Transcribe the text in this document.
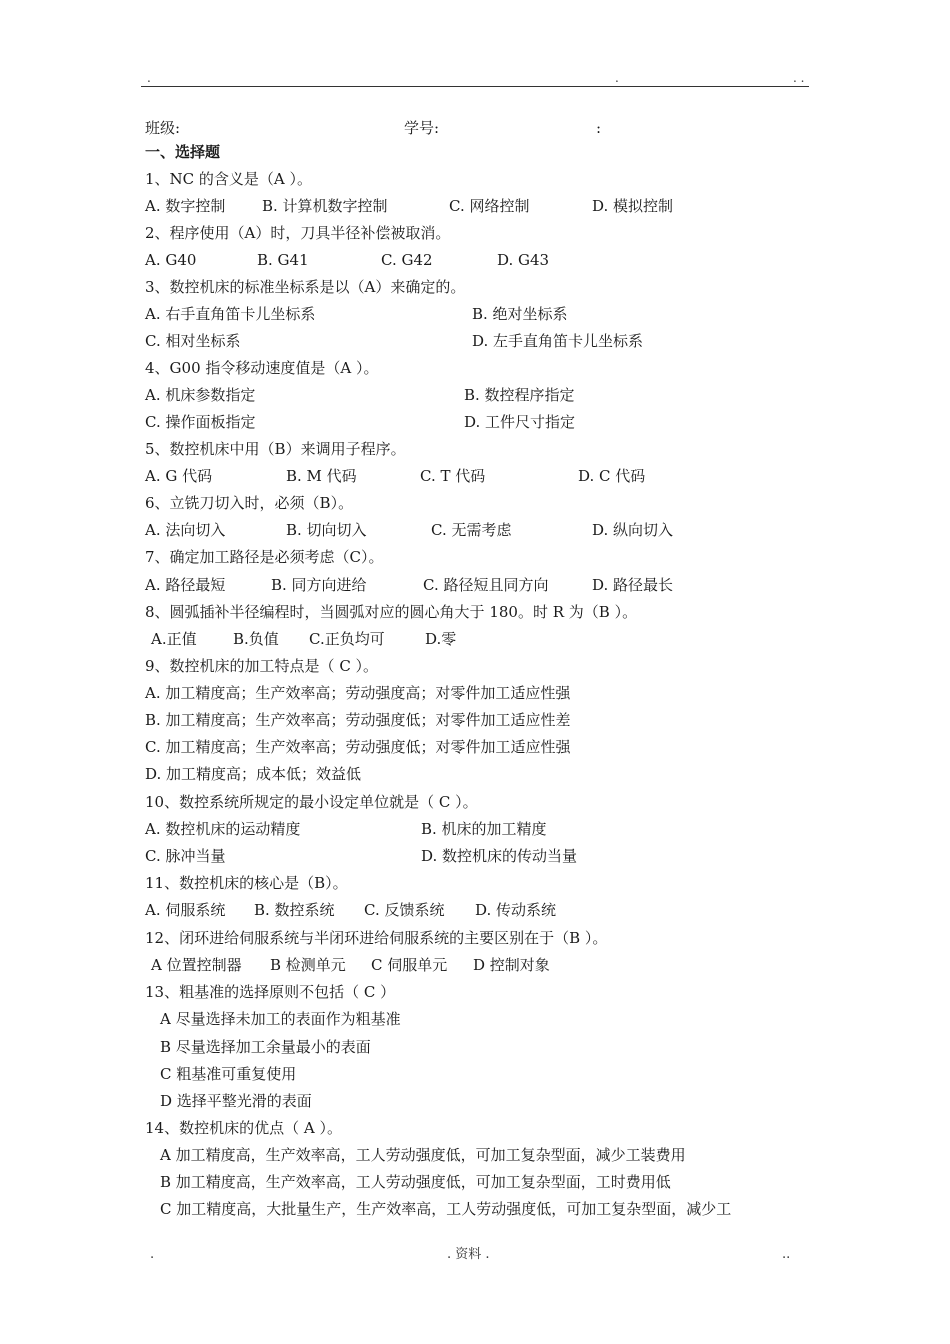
.	.	. .
班级:	学号:	:
一、选择题
1、NC 的含义是（A ）。
A. 数字控制 B. 计算机数字控制	C. 网络控制	D. 模拟控制
2、程序使用（A）时，刀具半径补偿被取消。
A. G40	B. G41	C. G42	D. G43
3、数控机床的标准坐标系是以（A）来确定的。
A. 右手直角笛卡儿坐标系	B. 绝对坐标系
C. 相对坐标系	D. 左手直角笛卡儿坐标系
4、G00 指令移动速度值是（A ）。
A. 机床参数指定	B. 数控程序指定
C. 操作面板指定	D. 工件尺寸指定
5、数控机床中用（B）来调用子程序。
A. G 代码	B. M 代码	C. T 代码	D. C 代码
6、立铣刀切入时，必须（B）。
A. 法向切入	B. 切向切入	C. 无需考虑	D. 纵向切入
7、确定加工路径是必须考虑（C）。
A. 路径最短	B. 同方向进给	C. 路径短且同方向	D. 路径最长
8、圆弧插补半径编程时，当圆弧对应的圆心角大于 180。时 R 为（B ）。
A.正值 B.负值 C.正负均可	D.零
9、数控机床的加工特点是（ C ）。
A. 加工精度高；生产效率高；劳动强度高；对零件加工适应性强
B. 加工精度高；生产效率高；劳动强度低；对零件加工适应性差
C. 加工精度高；生产效率高；劳动强度低；对零件加工适应性强
D. 加工精度高；成本低；效益低
10、数控系统所规定的最小设定单位就是（ C ）。
A. 数控机床的运动精度	B. 机床的加工精度
C. 脉冲当量	D. 数控机床的传动当量
11、数控机床的核心是（B）。
A. 伺服系统 B. 数控系统 C. 反馈系统 D. 传动系统
12、闭环进给伺服系统与半闭环进给伺服系统的主要区别在于（B ）。
A 位置控制器 B 检测单元 C 伺服单元 D 控制对象
13、粗基准的选择原则不包括（ C ）
A 尽量选择未加工的表面作为粗基准
B 尽量选择加工余量最小的表面
C 粗基准可重复使用
D 选择平整光滑的表面
14、数控机床的优点（ A ）。
A 加工精度高，生产效率高，工人劳动强度低，可加工复杂型面，减少工装费用
B 加工精度高，生产效率高，工人劳动强度低，可加工复杂型面，工时费用低
C 加工精度高，大批量生产，生产效率高，工人劳动强度低，可加工复杂型面，减少工
.	. 资料 .	..
